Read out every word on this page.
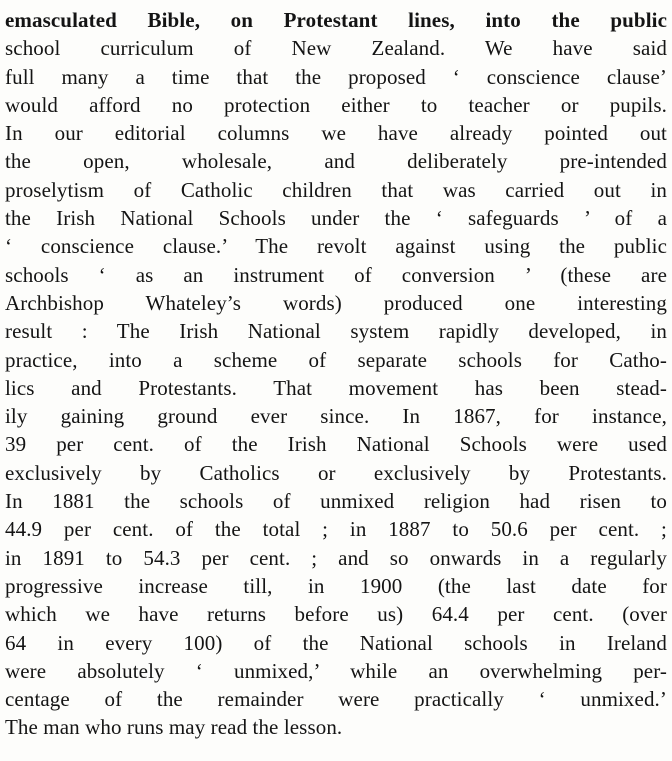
emasculated Bible, on Protestant lines, into the public
school curriculum of New Zealand. We have said
full many a time that the proposed ‘ conscience clause’
would afford no protection either to teacher or pupils.
In our editorial columns we have already pointed out
the open, wholesale, and deliberately pre-intended
proselytism of Catholic children that was carried out in
the Irish National Schools under the ‘ safeguards ’ of a
‘ conscience clause.’ The revolt against using the public
schools ‘ as an instrument of conversion ’ (these are
Archbishop Whateley’s words) produced one interesting
result : The Irish National system rapidly developed, in
practice, into a scheme of separate schools for Catho-
lics and Protestants. That movement has been stead-
ily gaining ground ever since. In 1867, for instance,
39 per cent. of the Irish National Schools were used
exclusively by Catholics or exclusively by Protestants.
In 1881 the schools of unmixed religion had risen to
44.9 per cent. of the total ; in 1887 to 50.6 per cent. ;
in 1891 to 54.3 per cent. ; and so onwards in a regularly
progressive increase till, in 1900 (the last date for
which we have returns before us) 64.4 per cent. (over
64 in every 100) of the National schools in Ireland
were absolutely ‘ unmixed,’ while an overwhelming per-
centage of the remainder were practically ‘ unmixed.’
The man who runs may read the lesson.
